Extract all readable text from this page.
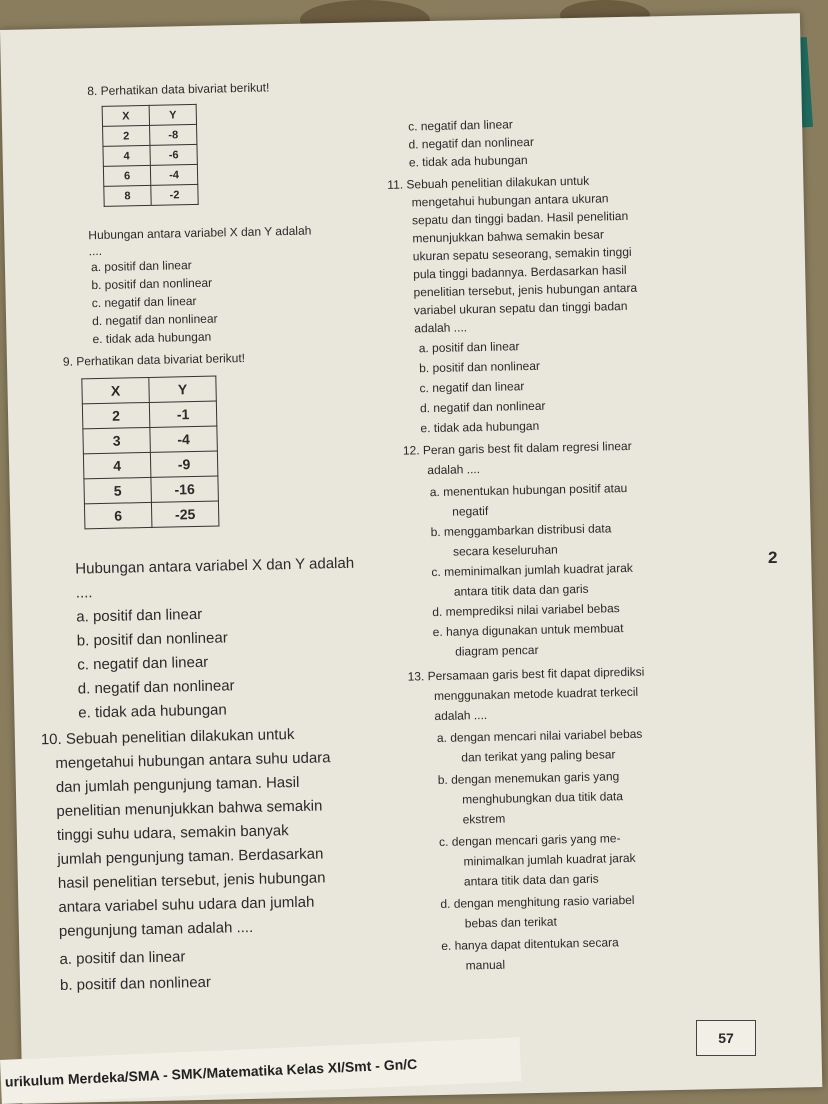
8. Perhatikan data bivariat berikut!
X	Y
2	-8
4	-6
6	-4
8	-2
Hubungan antara variabel X dan Y adalah
....
a. positif dan linear
b. positif dan nonlinear
c. negatif dan linear
d. negatif dan nonlinear
e. tidak ada hubungan
9. Perhatikan data bivariat berikut!
X	Y
2	-1
3	-4
4	-9
5	-16
6	-25
Hubungan antara variabel X dan Y adalah
....
a. positif dan linear
b. positif dan nonlinear
c. negatif dan linear
d. negatif dan nonlinear
e. tidak ada hubungan
10. Sebuah penelitian dilakukan untuk
mengetahui hubungan antara suhu udara
dan jumlah pengunjung taman. Hasil
penelitian menunjukkan bahwa semakin
tinggi suhu udara, semakin banyak
jumlah pengunjung taman. Berdasarkan
hasil penelitian tersebut, jenis hubungan
antara variabel suhu udara dan jumlah
pengunjung taman adalah ....
a. positif dan linear
b. positif dan nonlinear
c. negatif dan linear
d. negatif dan nonlinear
e. tidak ada hubungan
11. Sebuah penelitian dilakukan untuk
mengetahui hubungan antara ukuran
sepatu dan tinggi badan. Hasil penelitian
menunjukkan bahwa semakin besar
ukuran sepatu seseorang, semakin tinggi
pula tinggi badannya. Berdasarkan hasil
penelitian tersebut, jenis hubungan antara
variabel ukuran sepatu dan tinggi badan
adalah ....
a. positif dan linear
b. positif dan nonlinear
c. negatif dan linear
d. negatif dan nonlinear
e. tidak ada hubungan
12. Peran garis best fit dalam regresi linear
adalah ....
a. menentukan hubungan positif atau
negatif
b. menggambarkan distribusi data
secara keseluruhan
c. meminimalkan jumlah kuadrat jarak
antara titik data dan garis
d. memprediksi nilai variabel bebas
e. hanya digunakan untuk membuat
diagram pencar
13. Persamaan garis best fit dapat diprediksi
menggunakan metode kuadrat terkecil
adalah ....
a. dengan mencari nilai variabel bebas
dan terikat yang paling besar
b. dengan menemukan garis yang
menghubungkan dua titik data
ekstrem
c. dengan mencari garis yang me-
minimalkan jumlah kuadrat jarak
antara titik data dan garis
d. dengan menghitung rasio variabel
bebas dan terikat
e. hanya dapat ditentukan secara
manual
2
urikulum Merdeka/SMA - SMK/Matematika Kelas XI/Smt - Gn/C
57
